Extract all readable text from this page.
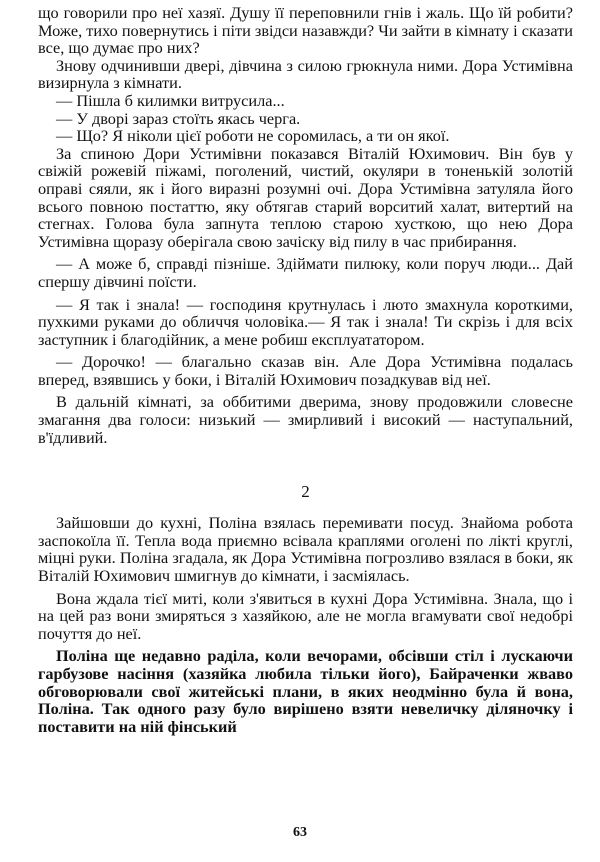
що говорили про неї хазяї. Душу її переповнили гнів і жаль. Що їй робити? Може, тихо повернутись і піти звідси назавжди? Чи зайти в кімнату і сказати все, що думає про них?

Знову одчинивши двері, дівчина з силою грюкнула ними. Дора Устимівна визирнула з кімнати.

— Пішла б килимки витрусила...

— У дворі зараз стоїть якась черга.

— Що? Я ніколи цієї роботи не соромилась, а ти он якої.

За спиною Дори Устимівни показався Віталій Юхимович. Він був у свіжій рожевій піжамі, поголений, чистий, окуляри в тоненькій золотій оправі сяяли, як і його виразні розумні очі. Дора Устимівна затуляла його всього повною постаттю, яку обтягав старий ворситий халат, витертий на стегнах. Голова була запнута теплою старою хусткою, що нею Дора Устимівна щоразу оберігала свою зачіску від пилу в час прибирання.

— А може б, справді пізніше. Здіймати пилюку, коли поруч люди... Дай спершу дівчині поїсти.

— Я так і знала! — господиня крутнулась і люто змахнула короткими, пухкими руками до обличчя чоловіка.— Я так і знала! Ти скрізь і для всіх заступник і благодійник, а мене робиш експлуататором.

— Дорочко! — благально сказав він. Але Дора Устимівна подалась вперед, взявшись у боки, і Віталій Юхимович позадкував від неї.

В дальній кімнаті, за оббитими дверима, знову продовжили словесне змагання два голоси: низький — змирливий і високий — наступальний, в'їдливий.

2

Зайшовши до кухні, Поліна взялась перемивати посуд. Знайома робота заспокоїла її. Тепла вода приємно всівала краплями оголені по лікті круглі, міцні руки. Поліна згадала, як Дора Устимівна погрозливо взялася в боки, як Віталій Юхимович шмигнув до кімнати, і засміялась.

Вона ждала тієї миті, коли з'явиться в кухні Дора Устимівна. Знала, що і на цей раз вони змиряться з хазяйкою, але не могла вгамувати свої недобрі почуття до неї.

Поліна ще недавно раділа, коли вечорами, обсівши стіл і лускаючи гарбузове насіння (хазяйка любила тільки його), Байраченки жваво обговорювали свої житейські плани, в яких неодмінно була й вона, Поліна. Так одного разу було вирішено взяти невеличку діляночку і поставити на ній фінський

63
